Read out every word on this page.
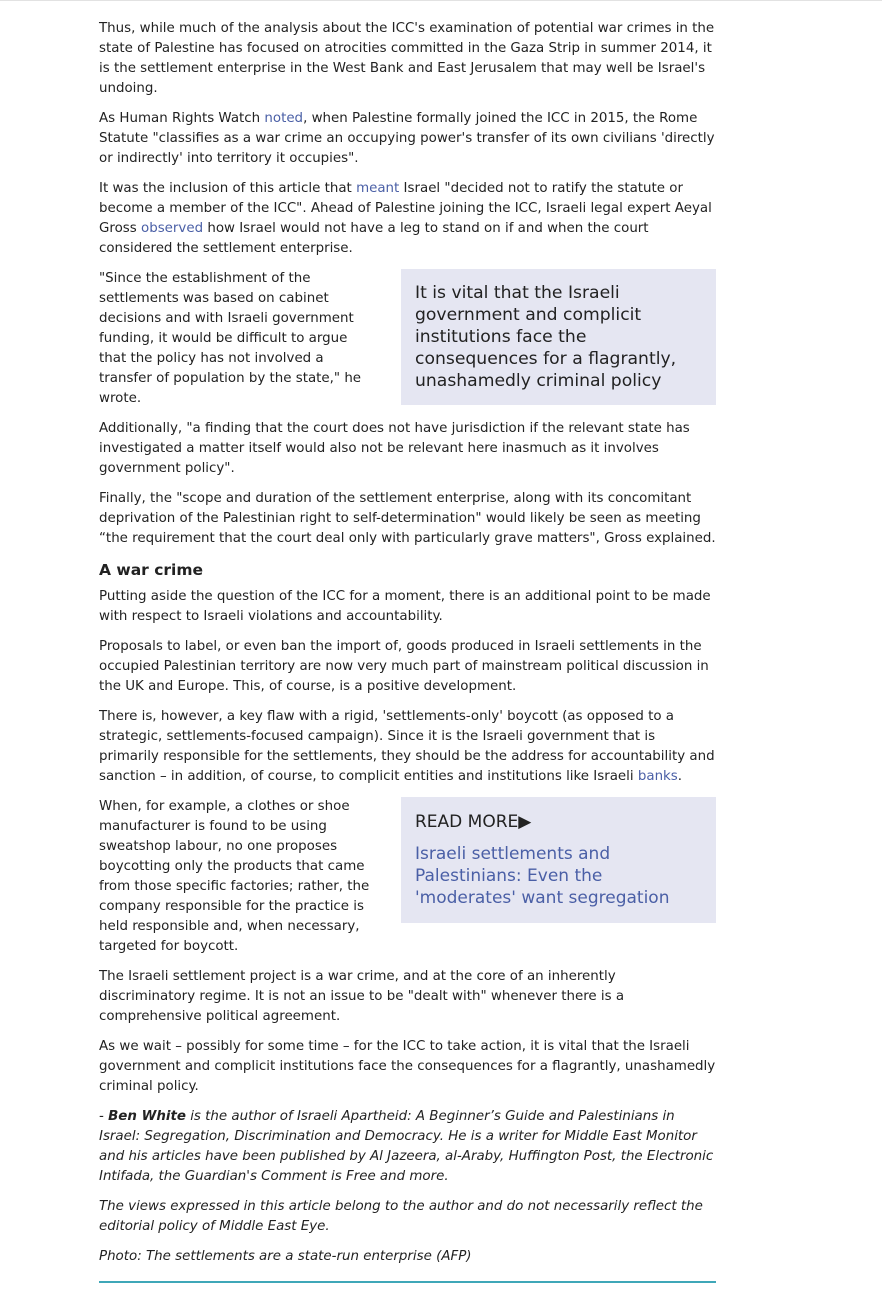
Thus, while much of the analysis about the ICC's examination of potential war crimes in the state of Palestine has focused on atrocities committed in the Gaza Strip in summer 2014, it is the settlement enterprise in the West Bank and East Jerusalem that may well be Israel's undoing.

As Human Rights Watch noted, when Palestine formally joined the ICC in 2015, the Rome Statute "classifies as a war crime an occupying power's transfer of its own civilians 'directly or indirectly' into territory it occupies".

It was the inclusion of this article that meant Israel "decided not to ratify the statute or become a member of the ICC". Ahead of Palestine joining the ICC, Israeli legal expert Aeyal Gross observed how Israel would not have a leg to stand on if and when the court considered the settlement enterprise.

It is vital that the Israeli government and complicit institutions face the consequences for a flagrantly, unashamedly criminal policy

"Since the establishment of the settlements was based on cabinet decisions and with Israeli government funding, it would be difficult to argue that the policy has not involved a transfer of population by the state," he wrote.

Additionally, "a finding that the court does not have jurisdiction if the relevant state has investigated a matter itself would also not be relevant here inasmuch as it involves government policy".

Finally, the "scope and duration of the settlement enterprise, along with its concomitant deprivation of the Palestinian right to self-determination" would likely be seen as meeting “the requirement that the court deal only with particularly grave matters", Gross explained.

A war crime

Putting aside the question of the ICC for a moment, there is an additional point to be made with respect to Israeli violations and accountability.

Proposals to label, or even ban the import of, goods produced in Israeli settlements in the occupied Palestinian territory are now very much part of mainstream political discussion in the UK and Europe. This, of course, is a positive development.

There is, however, a key flaw with a rigid, 'settlements-only' boycott (as opposed to a strategic, settlements-focused campaign). Since it is the Israeli government that is primarily responsible for the settlements, they should be the address for accountability and sanction – in addition, of course, to complicit entities and institutions like Israeli banks.

READ MORE▶
Israeli settlements and Palestinians: Even the 'moderates' want segregation

When, for example, a clothes or shoe manufacturer is found to be using sweatshop labour, no one proposes boycotting only the products that came from those specific factories; rather, the company responsible for the practice is held responsible and, when necessary, targeted for boycott.

The Israeli settlement project is a war crime, and at the core of an inherently discriminatory regime. It is not an issue to be "dealt with" whenever there is a comprehensive political agreement.

As we wait – possibly for some time – for the ICC to take action, it is vital that the Israeli government and complicit institutions face the consequences for a flagrantly, unashamedly criminal policy.

- Ben White is the author of Israeli Apartheid: A Beginner’s Guide and Palestinians in Israel: Segregation, Discrimination and Democracy. He is a writer for Middle East Monitor and his articles have been published by Al Jazeera, al-Araby, Huffington Post, the Electronic Intifada, the Guardian's Comment is Free and more.

The views expressed in this article belong to the author and do not necessarily reflect the editorial policy of Middle East Eye.

Photo: The settlements are a state-run enterprise (AFP)
